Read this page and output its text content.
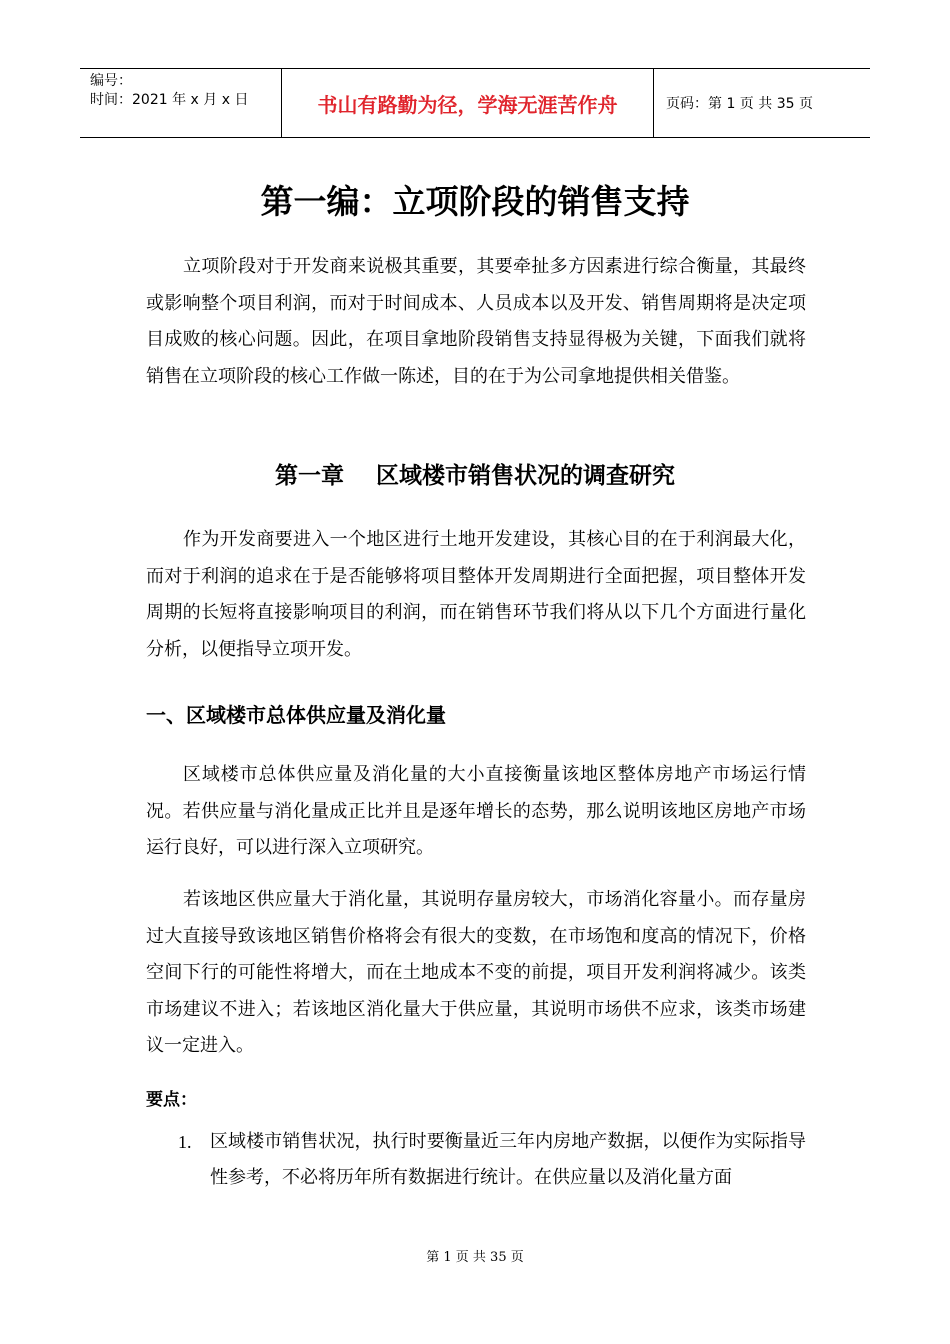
编号：
时间：2021 年 x 月 x 日	书山有路勤为径，学海无涯苦作舟	页码：第 1 页 共 35 页
第一编：立项阶段的销售支持

立项阶段对于开发商来说极其重要，其要牵扯多方因素进行综合衡量，其最终或影响整个项目利润，而对于时间成本、人员成本以及开发、销售周期将是决定项目成败的核心问题。因此，在项目拿地阶段销售支持显得极为关键，下面我们就将销售在立项阶段的核心工作做一陈述，目的在于为公司拿地提供相关借鉴。

第一章    区域楼市销售状况的调查研究

作为开发商要进入一个地区进行土地开发建设，其核心目的在于利润最大化，而对于利润的追求在于是否能够将项目整体开发周期进行全面把握，项目整体开发周期的长短将直接影响项目的利润，而在销售环节我们将从以下几个方面进行量化分析，以便指导立项开发。

一、区域楼市总体供应量及消化量

区域楼市总体供应量及消化量的大小直接衡量该地区整体房地产市场运行情况。若供应量与消化量成正比并且是逐年增长的态势，那么说明该地区房地产市场运行良好，可以进行深入立项研究。

若该地区供应量大于消化量，其说明存量房较大，市场消化容量小。而存量房过大直接导致该地区销售价格将会有很大的变数，在市场饱和度高的情况下，价格空间下行的可能性将增大，而在土地成本不变的前提，项目开发利润将减少。该类市场建议不进入；若该地区消化量大于供应量，其说明市场供不应求，该类市场建议一定进入。

要点：
1. 区域楼市销售状况，执行时要衡量近三年内房地产数据，以便作为实际指导性参考，不必将历年所有数据进行统计。在供应量以及消化量方面
第 1 页 共 35 页
